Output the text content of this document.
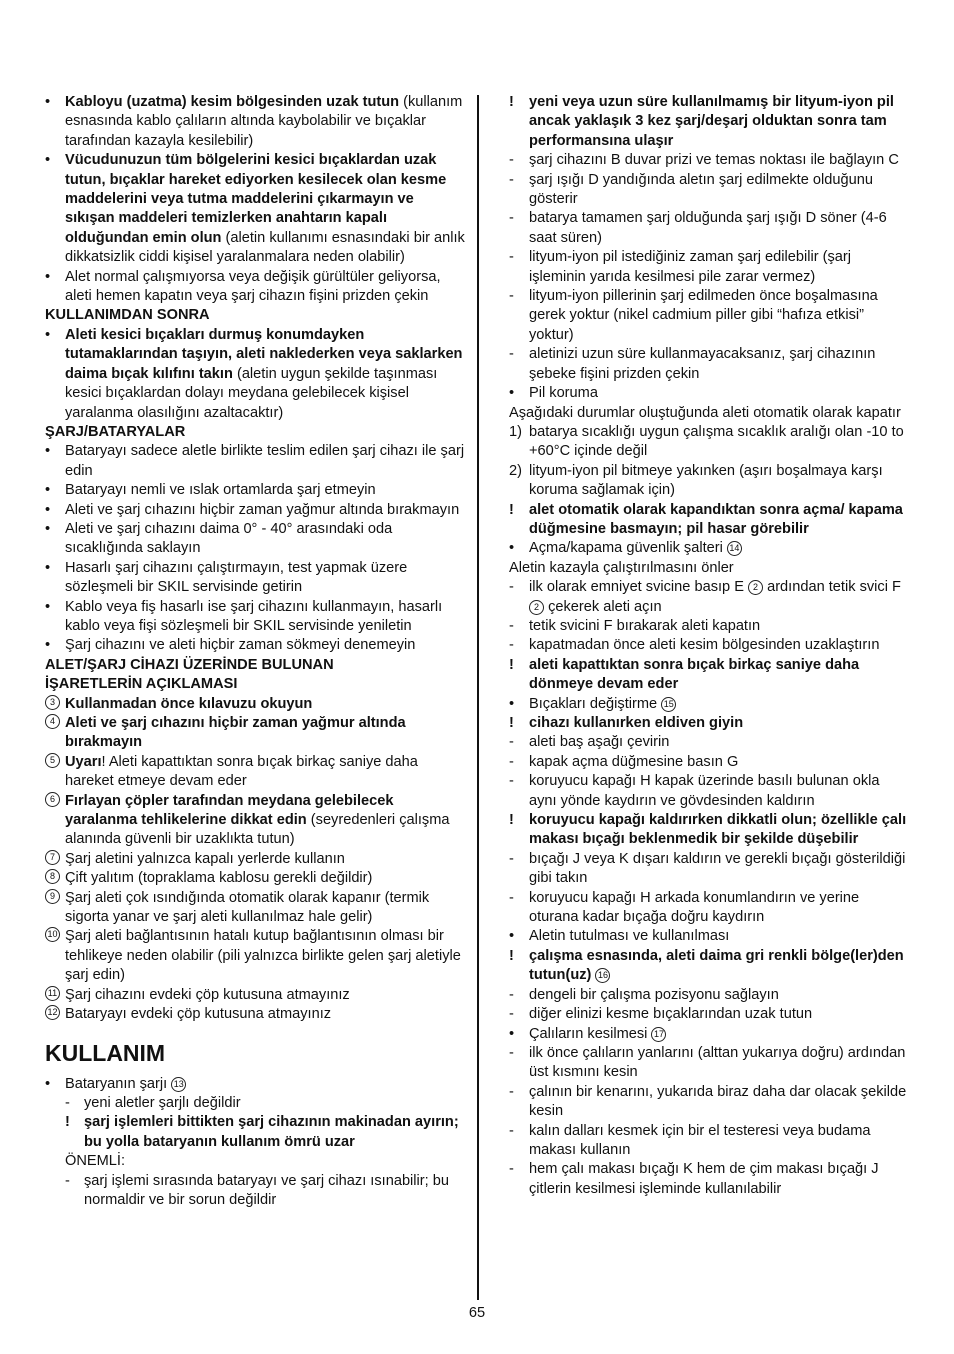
• Kabloyu (uzatma) kesim bölgesinden uzak tutun (kullanım esnasında kablo çalıların altında kaybolabilir ve bıçaklar tarafından kazayla kesilebilir)
• Vücudunuzun tüm bölgelerini kesici bıçaklardan uzak tutun, bıçaklar hareket ediyorken kesilecek olan kesme maddelerini veya tutma maddelerini çıkarmayın ve sıkışan maddeleri temizlerken anahtarın kapalı olduğundan emin olun (aletin kullanımı esnasındaki bir anlık dikkatsizlik ciddi kişisel yaralanmalara neden olabilir)
• Alet normal çalışmıyorsa veya değişik gürültüler geliyorsa, aleti hemen kapatın veya şarj cihazın fişini prizden çekin
KULLANIMDAN SONRA
• Aleti kesici bıçakları durmuş konumdayken tutamaklarından taşıyın, aleti naklederken veya saklarken daima bıçak kılıfını takın (aletin uygun şekilde taşınması kesici bıçaklardan dolayı meydana gelebilecek kişisel yaralanma olasılığını azaltacaktır)
ŞARJ/BATARYALAR
• Bataryayı sadece aletle birlikte teslim edilen şarj cihazı ile şarj edin
• Bataryayı nemli ve ıslak ortamlarda şarj etmeyin
• Aleti ve şarj cıhazını hiçbir zaman yağmur altında bırakmayın
• Aleti ve şarj cıhazını daima 0° - 40° arasındaki oda sıcaklığında saklayın
• Hasarlı şarj cihazını çalıştırmayın, test yapmak üzere sözleşmeli bir SKIL servisinde getirin
• Kablo veya fiş hasarlı ise şarj cihazını kullanmayın, hasarlı kablo veya fişi sözleşmeli bir SKIL servisinde yeniletin
• Şarj cihazını ve aleti hiçbir zaman sökmeyi denemeyin
ALET/ŞARJ CİHAZI ÜZERİNDE BULUNAN
İŞARETLERİN AÇIKLAMASI
3 Kullanmadan önce kılavuzu okuyun
4 Aleti ve şarj cıhazını hiçbir zaman yağmur altında bırakmayın
5 Uyarı! Aleti kapattıktan sonra bıçak birkaç saniye daha hareket etmeye devam eder
6 Fırlayan çöpler tarafından meydana gelebilecek yaralanma tehlikelerine dikkat edin (seyredenleri çalışma alanında güvenli bir uzaklıkta tutun)
7 Şarj aletini yalnızca kapalı yerlerde kullanın
8 Çift yalıtım (topraklama kablosu gerekli değildir)
9 Şarj aleti çok ısındığında otomatik olarak kapanır (termik sigorta yanar ve şarj aleti kullanılmaz hale gelir)
10 Şarj aleti bağlantısının hatalı kutup bağlantısının olması bir tehlikeye neden olabilir (pili yalnızca birlikte gelen şarj aletiyle şarj edin)
11 Şarj cihazını evdeki çöp kutusuna atmayınız
12 Bataryayı evdeki çöp kutusuna atmayınız
KULLANIM
• Bataryanın şarjı 13
- yeni aletler şarjlı değildir
! şarj işlemleri bittikten şarj cihazının makinadan ayırın; bu yolla bataryanın kullanım ömrü uzar
ÖNEMLİ:
- şarj işlemi sırasında bataryayı ve şarj cihazı ısınabilir; bu normaldir ve bir sorun değildir
! yeni veya uzun süre kullanılmamış bir lityum-iyon pil ancak yaklaşık 3 kez şarj/deşarj olduktan sonra tam performansına ulaşır
- şarj cihazını B duvar prizi ve temas noktası ile bağlayın C
- şarj ışığı D yandığında aletın şarj edilmekte olduğunu gösterir
- batarya tamamen şarj olduğunda şarj ışığı D söner (4-6 saat süren)
- lityum-iyon pil istediğiniz zaman şarj edilebilir (şarj işleminin yarıda kesilmesi pile zarar vermez)
- lityum-iyon pillerinin şarj edilmeden önce boşalmasına gerek yoktur (nikel cadmium piller gibi “hafıza etkisi” yoktur)
- aletinizi uzun süre kullanmayacaksanız, şarj cihazının şebeke fişini prizden çekin
• Pil koruma
Aşağıdaki durumlar oluştuğunda aleti otomatik olarak kapatır
1) batarya sıcaklığı uygun çalışma sıcaklık aralığı olan -10 to +60°C içinde değil
2) lityum-iyon pil bitmeye yakınken (aşırı boşalmaya karşı koruma sağlamak için)
! alet otomatik olarak kapandıktan sonra açma/ kapama düğmesine basmayın; pil hasar görebilir
• Açma/kapama güvenlik şalteri 14
Aletin kazayla çalıştırılmasını önler
- ilk olarak emniyet svicine basıp E 2 ardından tetik svici F 2 çekerek aleti açın
- tetik svicini F bırakarak aleti kapatın
- kapatmadan önce aleti kesim bölgesinden uzaklaştırın
! aleti kapattıktan sonra bıçak birkaç saniye daha dönmeye devam eder
• Bıçakları değiştirme 15
! cihazı kullanırken eldiven giyin
- aleti baş aşağı çevirin
- kapak açma düğmesine basın G
- koruyucu kapağı H kapak üzerinde basılı bulunan okla aynı yönde kaydırın ve gövdesinden kaldırın
! koruyucu kapağı kaldırırken dikkatli olun; özellikle çalı makası bıçağı beklenmedik bir şekilde düşebilir
- bıçağı J veya K dışarı kaldırın ve gerekli bıçağı gösterildiği gibi takın
- koruyucu kapağı H arkada konumlandırın ve yerine oturana kadar bıçağa doğru kaydırın
• Aletin tutulması ve kullanılması
! çalışma esnasında, aleti daima gri renkli bölge(ler)den tutun(uz) 16
- dengeli bir çalışma pozisyonu sağlayın
- diğer elinizi kesme bıçaklarından uzak tutun
• Çalıların kesilmesi 17
- ilk önce çalıların yanlarını (alttan yukarıya doğru) ardından üst kısmını kesin
- çalının bir kenarını, yukarıda biraz daha dar olacak şekilde kesin
- kalın dalları kesmek için bir el testeresi veya budama makası kullanın
- hem çalı makası bıçağı K hem de çim makası bıçağı J çitlerin kesilmesi işleminde kullanılabilir
65
